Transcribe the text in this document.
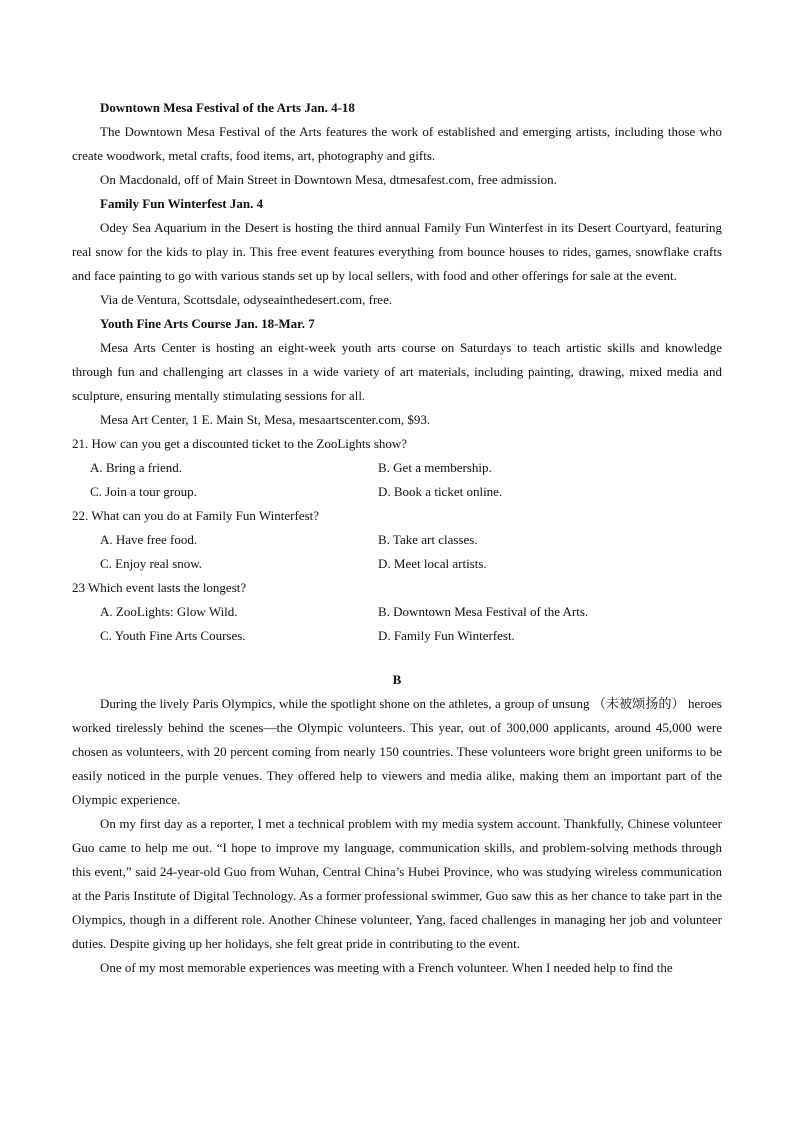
Downtown Mesa Festival of the Arts Jan. 4-18
The Downtown Mesa Festival of the Arts features the work of established and emerging artists, including those who create woodwork, metal crafts, food items, art, photography and gifts.
On Macdonald, off of Main Street in Downtown Mesa, dtmesafest.com, free admission.
Family Fun Winterfest Jan. 4
Odey Sea Aquarium in the Desert is hosting the third annual Family Fun Winterfest in its Desert Courtyard, featuring real snow for the kids to play in. This free event features everything from bounce houses to rides, games, snowflake crafts and face painting to go with various stands set up by local sellers, with food and other offerings for sale at the event.
Via de Ventura, Scottsdale, odyseainthedesert.com, free.
Youth Fine Arts Course Jan. 18-Mar. 7
Mesa Arts Center is hosting an eight-week youth arts course on Saturdays to teach artistic skills and knowledge through fun and challenging art classes in a wide variety of art materials, including painting, drawing, mixed media and sculpture, ensuring mentally stimulating sessions for all.
Mesa Art Center, 1 E. Main St, Mesa, mesaartscenter.com, $93.
21. How can you get a discounted ticket to the ZooLights show?
A. Bring a friend.	B. Get a membership.
C. Join a tour group.	D. Book a ticket online.
22. What can you do at Family Fun Winterfest?
A. Have free food.	B. Take art classes.
C. Enjoy real snow.	D. Meet local artists.
23 Which event lasts the longest?
A. ZooLights: Glow Wild.	B. Downtown Mesa Festival of the Arts.
C. Youth Fine Arts Courses.	D. Family Fun Winterfest.
B
During the lively Paris Olympics, while the spotlight shone on the athletes, a group of unsung （未被颂扬的） heroes worked tirelessly behind the scenes—the Olympic volunteers. This year, out of 300,000 applicants, around 45,000 were chosen as volunteers, with 20 percent coming from nearly 150 countries. These volunteers wore bright green uniforms to be easily noticed in the purple venues. They offered help to viewers and media alike, making them an important part of the Olympic experience.
On my first day as a reporter, I met a technical problem with my media system account. Thankfully, Chinese volunteer Guo came to help me out. “I hope to improve my language, communication skills, and problem-solving methods through this event,” said 24-year-old Guo from Wuhan, Central China’s Hubei Province, who was studying wireless communication at the Paris Institute of Digital Technology. As a former professional swimmer, Guo saw this as her chance to take part in the Olympics, though in a different role. Another Chinese volunteer, Yang, faced challenges in managing her job and volunteer duties. Despite giving up her holidays, she felt great pride in contributing to the event.
One of my most memorable experiences was meeting with a French volunteer. When I needed help to find the
